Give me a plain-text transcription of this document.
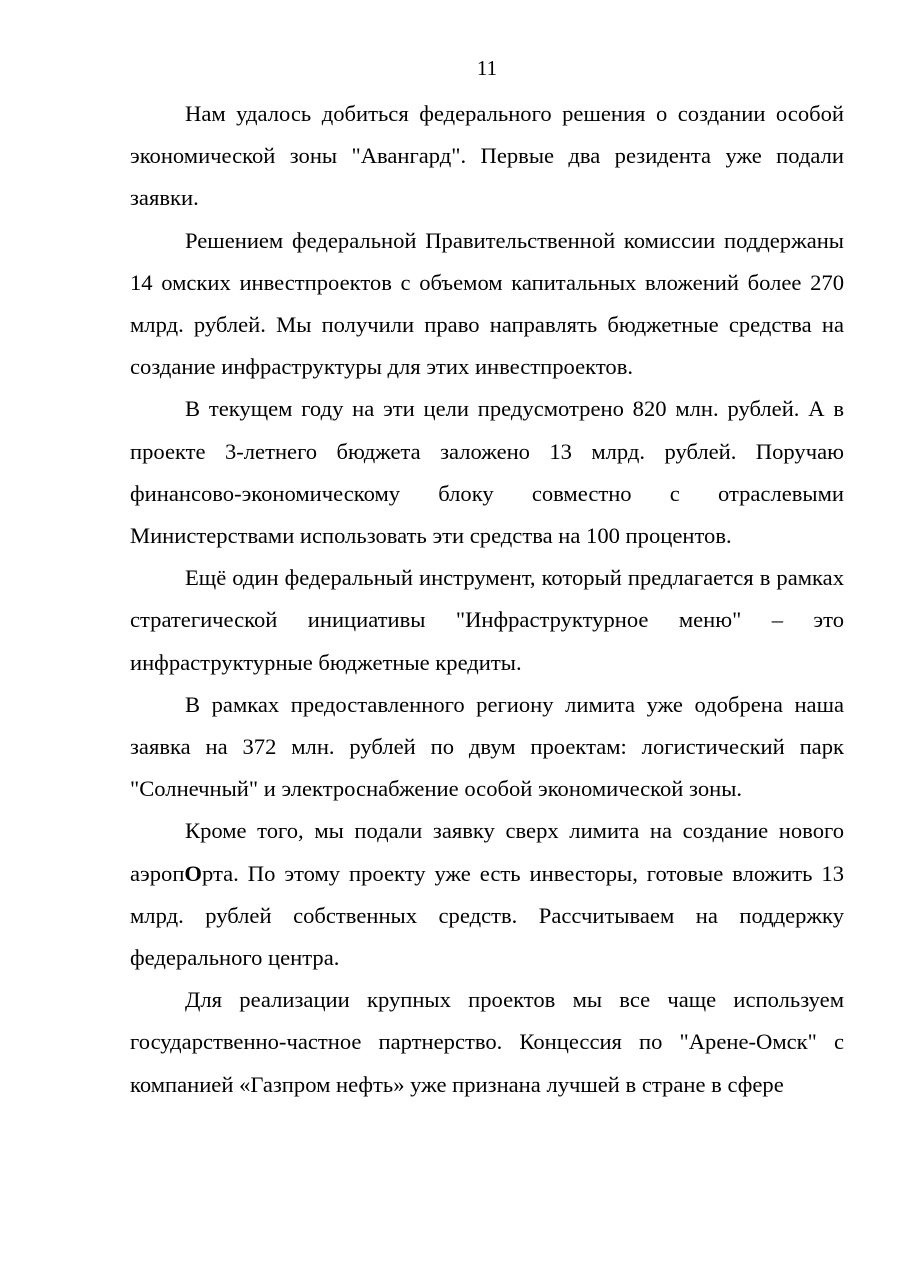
11

Нам удалось добиться федерального решения о создании особой экономической зоны "Авангард". Первые два резидента уже подали заявки.

Решением федеральной Правительственной комиссии поддержаны 14 омских инвестпроектов с объемом капитальных вложений более 270 млрд. рублей. Мы получили право направлять бюджетные средства на создание инфраструктуры для этих инвестпроектов.

В текущем году на эти цели предусмотрено 820 млн. рублей. А в проекте 3-летнего бюджета заложено 13 млрд. рублей. Поручаю финансово-экономическому блоку совместно с отраслевыми Министерствами использовать эти средства на 100 процентов.

Ещё один федеральный инструмент, который предлагается в рамках стратегической инициативы "Инфраструктурное меню" – это инфраструктурные бюджетные кредиты.

В рамках предоставленного региону лимита уже одобрена наша заявка на 372 млн. рублей по двум проектам: логистический парк "Солнечный" и электроснабжение особой экономической зоны.

Кроме того, мы подали заявку сверх лимита на создание нового аэропОрта. По этому проекту уже есть инвесторы, готовые вложить 13 млрд. рублей собственных средств. Рассчитываем на поддержку федерального центра.

Для реализации крупных проектов мы все чаще используем государственно-частное партнерство. Концессия по "Арене-Омск" с компанией «Газпром нефть» уже признана лучшей в стране в сфере
